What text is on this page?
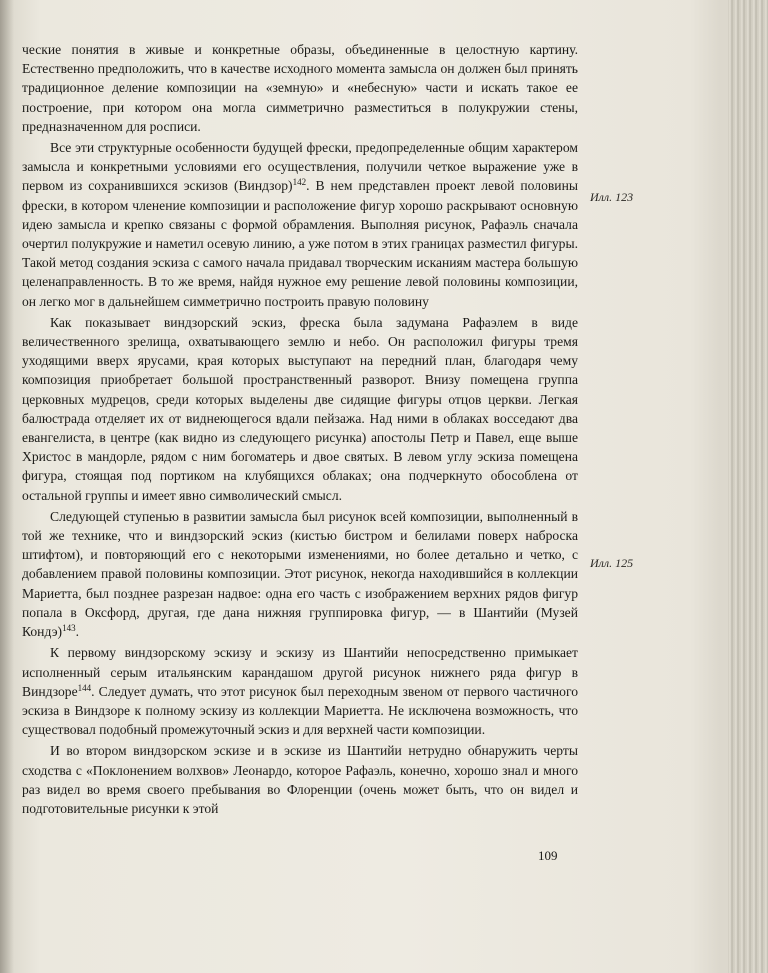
ческие понятия в живые и конкретные образы, объединенные в целостную картину. Естественно предположить, что в качестве исходного момента замысла он должен был принять традиционное деление композиции на «земную» и «небесную» части и искать такое ее построение, при котором она могла симметрично разместиться в полукружии стены, предназначенном для росписи.

Все эти структурные особенности будущей фрески, предопределенные общим характером замысла и конкретными условиями его осуществления, получили четкое выражение уже в первом из сохранившихся эскизов (Виндзор)$^{142}$. В нем представлен проект левой половины фрески, в котором членение композиции и расположение фигур хорошо раскрывают основную идею замысла и крепко связаны с формой обрамления. Выполняя рисунок, Рафаэль сначала очертил полукружие и наметил осевую линию, а уже потом в этих границах разместил фигуры. Такой метод создания эскиза с самого начала придавал творческим исканиям мастера большую целенаправленность. В то же время, найдя нужное ему решение левой половины композиции, он легко мог в дальнейшем симметрично построить правую половину

Как показывает виндзорский эскиз, фреска была задумана Рафаэлем в виде величественного зрелища, охватывающего землю и небо. Он расположил фигуры тремя уходящими вверх ярусами, края которых выступают на передний план, благодаря чему композиция приобретает большой пространственный разворот. Внизу помещена группа церковных мудрецов, среди которых выделены две сидящие фигуры отцов церкви. Легкая балюстрада отделяет их от виднеющегося вдали пейзажа. Над ними в облаках восседают два евангелиста, в центре (как видно из следующего рисунка) апостолы Петр и Павел, еще выше Христос в мандорле, рядом с ним богоматерь и двое святых. В левом углу эскиза помещена фигура, стоящая под портиком на клубящихся облаках; она подчеркнуто обособлена от остальной группы и имеет явно символический смысл.

Следующей ступенью в развитии замысла был рисунок всей композиции, выполненный в той же технике, что и виндзорский эскиз (кистью бистром и белилами поверх наброска штифтом), и повторяющий его с некоторыми изменениями, но более детально и четко, с добавлением правой половины композиции. Этот рисунок, некогда находившийся в коллекции Мариетта, был позднее разрезан надвое: одна его часть с изображением верхних рядов фигур попала в Оксфорд, другая, где дана нижняя группировка фигур, — в Шантийи (Музей Кондэ)$^{143}$.

К первому виндзорскому эскизу и эскизу из Шантийи непосредственно примыкает исполненный серым итальянским карандашом другой рисунок нижнего ряда фигур в Виндзоре$^{144}$. Следует думать, что этот рисунок был переходным звеном от первого частичного эскиза в Виндзоре к полному эскизу из коллекции Мариетта. Не исключена возможность, что существовал подобный промежуточный эскиз и для верхней части композиции.

И во втором виндзорском эскизе и в эскизе из Шантийи нетрудно обнаружить черты сходства с «Поклонением волхвов» Леонардо, которое Рафаэль, конечно, хорошо знал и много раз видел во время своего пребывания во Флоренции (очень может быть, что он видел и подготовительные рисунки к этой

Илл. 123
Илл. 125
109
